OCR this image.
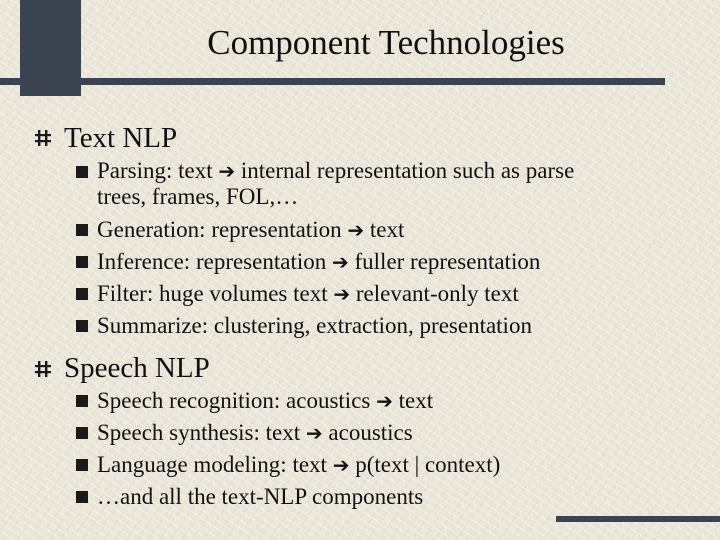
Component Technologies
Text NLP
Parsing: text ➔ internal representation such as parse
trees, frames, FOL,…
Generation: representation ➔ text
Inference: representation ➔ fuller representation
Filter: huge volumes text ➔ relevant-only text
Summarize: clustering, extraction, presentation
Speech NLP
Speech recognition: acoustics ➔ text
Speech synthesis: text ➔ acoustics
Language modeling: text ➔ p(text | context)
…and all the text-NLP components
